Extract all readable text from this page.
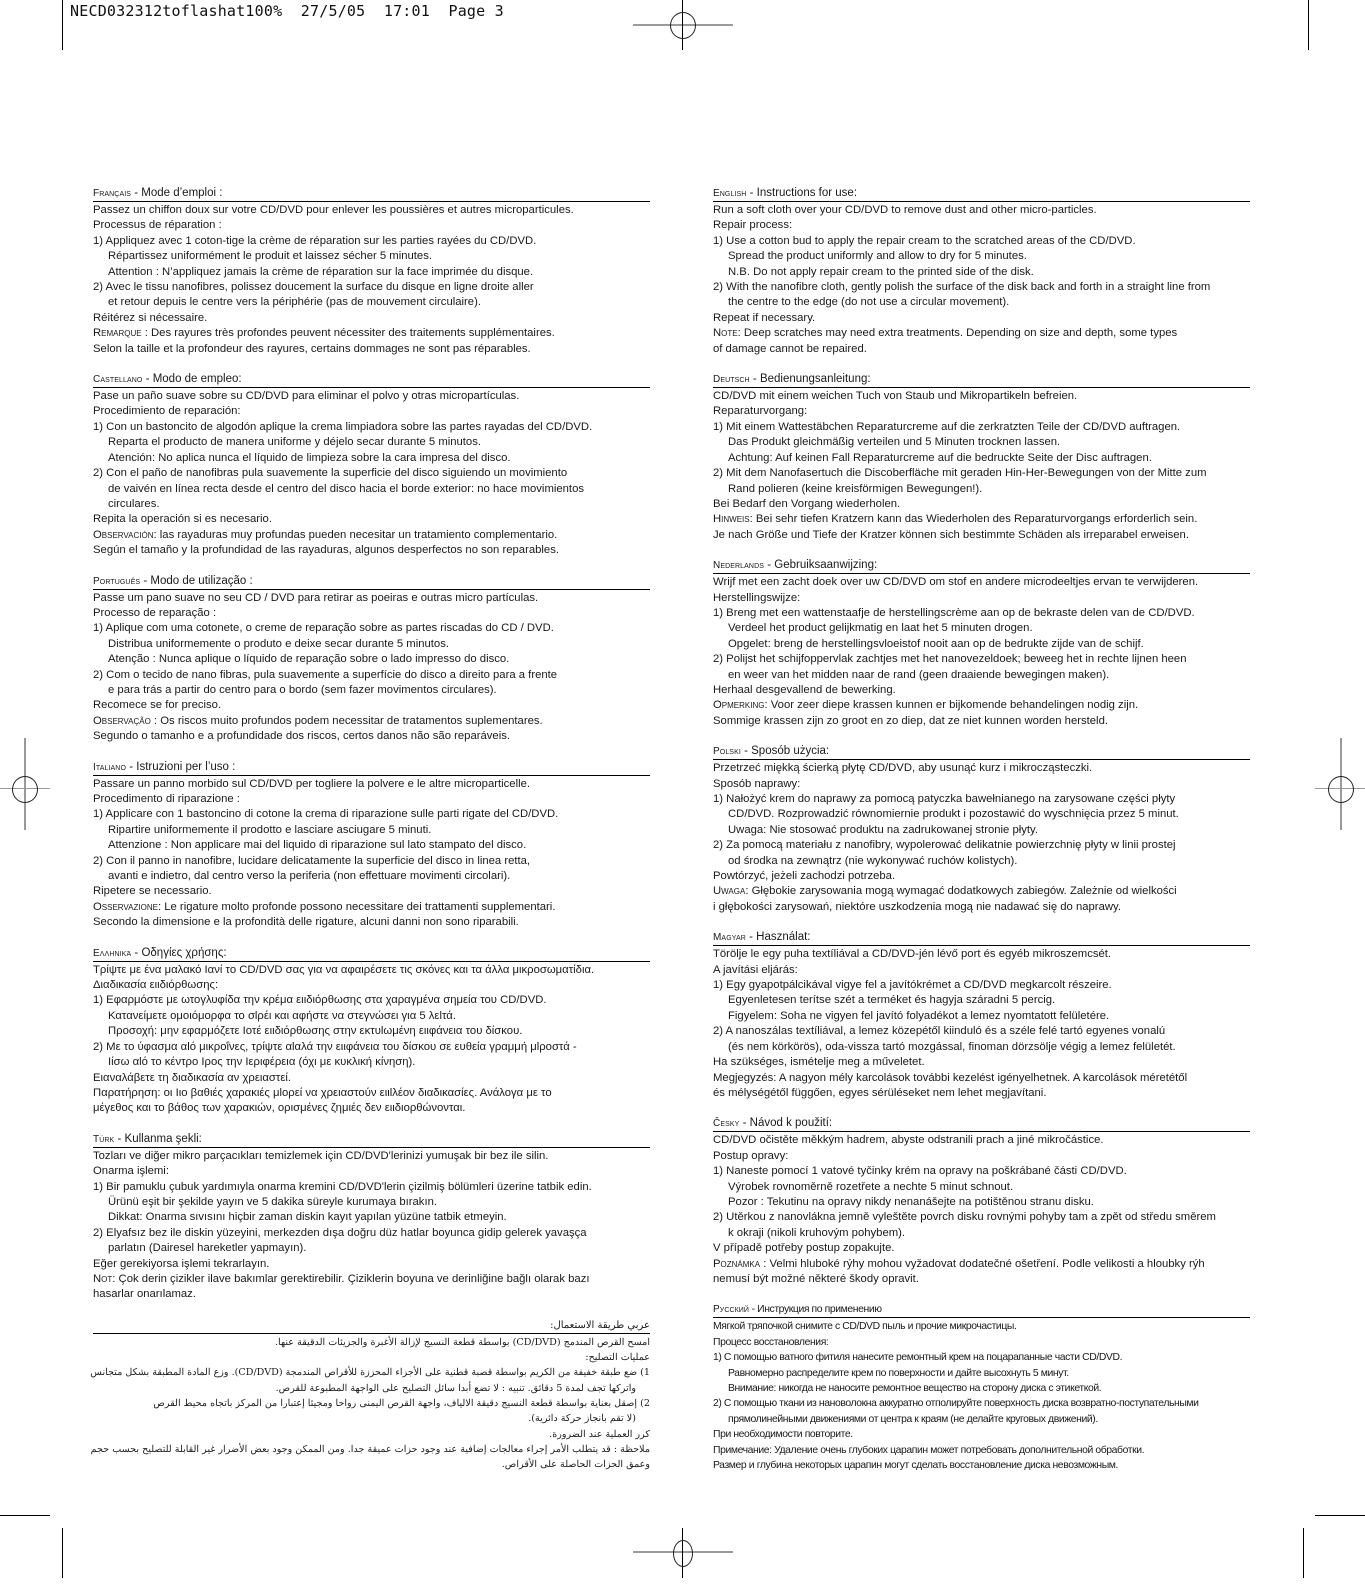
NECD032312toflashat100%  27/5/05  17:01  Page 3
Français - Mode d’emploi :
Passez un chiffon doux sur votre CD/DVD pour enlever les poussières et autres microparticules.
Processus de réparation :
1) Appliquez avec 1 coton-tige la crème de réparation sur les parties rayées du CD/DVD.
Répartissez uniformément le produit et laissez sécher 5 minutes.
Attention : N’appliquez jamais la crème de réparation sur la face imprimée du disque.
2) Avec le tissu nanofibres, polissez doucement la surface du disque en ligne droite aller
et retour depuis le centre vers la périphérie (pas de mouvement circulaire).
Réitérez si nécessaire.
Remarque : Des rayures très profondes peuvent nécessiter des traitements supplémentaires.
Selon la taille et la profondeur des rayures, certains dommages ne sont pas réparables.
Castellano - Modo de empleo:
Pase un paño suave sobre su CD/DVD para eliminar el polvo y otras micropartículas.
Procedimiento de reparación:
1) Con un bastoncito de algodón aplique la crema limpiadora sobre las partes rayadas del CD/DVD.
Reparta el producto de manera uniforme y déjelo secar durante 5 minutos.
Atención: No aplica nunca el líquido de limpieza sobre la cara impresa del disco.
2) Con el paño de nanofibras pula suavemente la superficie del disco siguiendo un movimiento
de vaivén en línea recta desde el centro del disco hacia el borde exterior: no hace movimientos
circulares.
Repita la operación si es necesario.
Observación: las rayaduras muy profundas pueden necesitar un tratamiento complementario.
Según el tamaño y la profundidad de las rayaduras, algunos desperfectos no son reparables.
Português - Modo de utilização :
Passe um pano suave no seu CD / DVD para retirar as poeiras e outras micro partículas.
Processo de reparação :
1) Aplique com uma cotonete, o creme de reparação sobre as partes riscadas do CD / DVD.
Distribua uniformemente o produto e deixe secar durante 5 minutos.
Atenção : Nunca aplique o líquido de reparação sobre o lado impresso do disco.
2) Com o tecido de nano fibras, pula suavemente a superfície do disco a direito para a frente
e para trás a partir do centro para o bordo (sem fazer movimentos circulares).
Recomece se for preciso.
Observação : Os riscos muito profundos podem necessitar de tratamentos suplementares.
Segundo o tamanho e a profundidade dos riscos, certos danos não são reparáveis.
Italiano - Istruzioni per l’uso :
Passare un panno morbido sul CD/DVD per togliere la polvere e le altre microparticelle.
Procedimento di riparazione :
1) Applicare con 1 bastoncino di cotone la crema di riparazione sulle parti rigate del CD/DVD.
Ripartire uniformemente il prodotto e lasciare asciugare 5 minuti.
Attenzione : Non applicare mai del liquido di riparazione sul lato stampato del disco.
2) Con il panno in nanofibre, lucidare delicatamente la superficie del disco in linea retta,
avanti e indietro, dal centro verso la periferia (non effettuare movimenti circolari).
Ripetere se necessario.
Osservazione: Le rigature molto profonde possono necessitare dei trattamenti supplementari.
Secondo la dimensione e la profondità delle rigature, alcuni danni non sono riparabili.
Ελληνικά - Οδηγίες χρήσης:
Τρίψτε με ένα μαλακό Ιανί το CD/DVD σας για να αφαιρέσετε τις σκόνες και τα άλλα μικροσωματίδια.
Διαδικασία ειιδιόρθωσης:
1) Εφαρμόστε με ωτογλυφίδα την κρέμα ειιδιόρθωσης στα χαραγμένα σημεία του CD/DVD.
Κατανείμετε ομοιόμορφα το σlρέι και αφήστε να στεγνώσει για 5 λεlτά.
Προσοχή: μην εφαρμόζετε Ιοτέ ειιδιόρθωσης στην εκτυlωμένη ειιφάνεια του δίσκου.
2) Με το ύφασμα αlό μικροΐνες, τρίψτε αlαλά την ειιφάνεια του δίσκου σε ευθεία γραμμή μlροστά -
Ιίσω αlό το κέντρο Ιρος την Ιεριφέρεια (όχι με κυκλική κίνηση).
Ειαναλάβετε τη διαδικασία αν χρειαστεί.
Παρατήρηση: οι Ιιο βαθιές χαρακιές μlορεί να χρειαστούν ειιlλέον διαδικασίες. Ανάλογα με το
μέγεθος και το βάθος των χαρακιών, ορισμένες ζημιές δεν ειιδιορθώνονται.
Türk - Kullanma şekli:
Tozları ve diğer mikro parçacıkları temizlemek için CD/DVD'lerinizi yumuşak bir bez ile silin.
Onarma işlemi:
1) Bir pamuklu çubuk yardımıyla onarma kremini CD/DVD'lerin çizilmiş bölümleri üzerine tatbik edin.
Ürünü eşit bir şekilde yayın ve 5 dakika süreyle kurumaya bırakın.
Dikkat: Onarma sıvısını hiçbir zaman diskin kayıt yapılan yüzüne tatbik etmeyin.
2) Elyafsız bez ile diskin yüzeyini, merkezden dışa doğru düz hatlar boyunca gidip gelerek yavaşça
parlatın (Dairesel hareketler yapmayın).
Eğer gerekiyorsa işlemi tekrarlayın.
Not: Çok derin çizikler ilave bakımlar gerektirebilir. Çiziklerin boyuna ve derinliğine bağlı olarak bazı
hasarlar onarılamaz.
عربي طريقة الاستعمال:
امسح القرص المندمج (CD/DVD) بواسطة قطعة النسيج لإزالة الأغبرة والجزيئات الدقيقة عنها.
عمليات التصليح:
1) ضع طبقة خفيفة من الكريم بواسطة قصبة قطنية على الأجزاء المحززة للأقراص المندمجة (CD/DVD). وزع المادة المطبقة بشكل متجانس
واتركها تجف لمدة 5 دقائق. تنبيه : لا تضع أبدا سائل التصليح على الواجهة المطبوعة للقرص.
2) إصقل بعناية بواسطة قطعة النسيج دقيقة الالياف، واجهة القرص اليمنى رواحا ومجيئا إعتبارا من المركز باتجاه محيط القرص
(لا تقم بانجاز حركة دائرية).
كرر العملية عند الضرورة.
ملاحظة : قد يتطلب الأمر إجراء معالجات إضافية عند وجود حزات عميقة جدا. ومن الممكن وجود بعض الأضرار غير القابلة للتصليح بحسب حجم
وعمق الحزات الحاصلة على الأقراص.
English - Instructions for use:
Run a soft cloth over your CD/DVD to remove dust and other micro-particles.
Repair process:
1) Use a cotton bud to apply the repair cream to the scratched areas of the CD/DVD.
Spread the product uniformly and allow to dry for 5 minutes.
N.B. Do not apply repair cream to the printed side of the disk.
2) With the nanofibre cloth, gently polish the surface of the disk back and forth in a straight line from
the centre to the edge (do not use a circular movement).
Repeat if necessary.
Note: Deep scratches may need extra treatments. Depending on size and depth, some types
of damage cannot be repaired.
Deutsch - Bedienungsanleitung:
CD/DVD mit einem weichen Tuch von Staub und Mikropartikeln befreien.
Reparaturvorgang:
1) Mit einem Wattestäbchen Reparaturcreme auf die zerkratzten Teile der CD/DVD auftragen.
Das Produkt gleichmäßig verteilen und 5 Minuten trocknen lassen.
Achtung: Auf keinen Fall Reparaturcreme auf die bedruckte Seite der Disc auftragen.
2) Mit dem Nanofasertuch die Discoberfläche mit geraden Hin-Her-Bewegungen von der Mitte zum
Rand polieren (keine kreisförmigen Bewegungen!).
Bei Bedarf den Vorgang wiederholen.
Hinweis: Bei sehr tiefen Kratzern kann das Wiederholen des Reparaturvorgangs erforderlich sein.
Je nach Größe und Tiefe der Kratzer können sich bestimmte Schäden als irreparabel erweisen.
Nederlands - Gebruiksaanwijzing:
Wrijf met een zacht doek over uw CD/DVD om stof en andere microdeeltjes ervan te verwijderen.
Herstellingswijze:
1) Breng met een wattenstaafje de herstellingscrème aan op de bekraste delen van de CD/DVD.
Verdeel het product gelijkmatig en laat het 5 minuten drogen.
Opgelet: breng de herstellingsvloeistof nooit aan op de bedrukte zijde van de schijf.
2) Polijst het schijfoppervlak zachtjes met het nanovezeldoek; beweeg het in rechte lijnen heen
en weer van het midden naar de rand (geen draaiende bewegingen maken).
Herhaal desgevallend de bewerking.
Opmerking: Voor zeer diepe krassen kunnen er bijkomende behandelingen nodig zijn.
Sommige krassen zijn zo groot en zo diep, dat ze niet kunnen worden hersteld.
Polski - Sposób użycia:
Przetrzeć miękką ścierką płytę CD/DVD, aby usunąć kurz i mikrocząsteczki.
Sposób naprawy:
1) Nałożyć krem do naprawy za pomocą patyczka bawełnianego na zarysowane części płyty
CD/DVD. Rozprowadzić równomiernie produkt i pozostawić do wyschnięcia przez 5 minut.
Uwaga: Nie stosować produktu na zadrukowanej stronie płyty.
2) Za pomocą materiału z nanofibry, wypolerować delikatnie powierzchnię płyty w linii prostej
od środka na zewnątrz (nie wykonywać ruchów kolistych).
Powtórzyć, jeżeli zachodzi potrzeba.
Uwaga: Głębokie zarysowania mogą wymagać dodatkowych zabiegów. Zależnie od wielkości
i głębokości zarysowań, niektóre uszkodzenia mogą nie nadawać się do naprawy.
Magyar - Használat:
Törölje le egy puha textíliával a CD/DVD-jén lévő port és egyéb mikroszemcsét.
A javítási eljárás:
1) Egy gyapotpálcikával vigye fel a javítókrémet a CD/DVD megkarcolt részeire.
Egyenletesen terítse szét a terméket és hagyja száradni 5 percig.
Figyelem: Soha ne vigyen fel javító folyadékot a lemez nyomtatott felületére.
2) A nanoszálas textíliával, a lemez közepétől kiinduló és a széle felé tartó egyenes vonalú
(és nem körkörös), oda-vissza tartó mozgással, finoman dörzsölje végig a lemez felületét.
Ha szükséges, ismételje meg a műveletet.
Megjegyzés: A nagyon mély karcolások további kezelést igényelhetnek. A karcolások méretétől
és mélységétől függően, egyes sérüléseket nem lehet megjavítani.
Česky - Návod k použití:
CD/DVD očistěte měkkým hadrem, abyste odstranili prach a jiné mikročástice.
Postup opravy:
1) Naneste pomocí 1 vatové tyčinky krém na opravy na poškrábané části CD/DVD.
Výrobek rovnoměrně rozetřete a nechte 5 minut schnout.
Pozor : Tekutinu na opravy nikdy nenanášejte na potištěnou stranu disku.
2) Utěrkou z nanovlákna jemně vyleštěte povrch disku rovnými pohyby tam a zpět od středu směrem
k okraji (nikoli kruhovým pohybem).
V případě potřeby postup zopakujte.
Poznámka : Velmi hluboké rýhy mohou vyžadovat dodatečné ošetření. Podle velikosti a hloubky rýh
nemusí být možné některé škody opravit.
Русский - Инструкция по применению
Мягкой тряпочкой снимите с CD/DVD пыль и прочие микрочастицы.
Процесс восстановления:
1) С помощью ватного фитиля нанесите ремонтный крем на поцарапанные части CD/DVD.
Равномерно распределите крем по поверхности и дайте высохнуть 5 минут.
Внимание: никогда не наносите ремонтное вещество на сторону диска с этикеткой.
2) С помощью ткани из нановолокна аккуратно отполируйте поверхность диска возвратно-поступательными
прямолинейными движениями от центра к краям (не делайте круговых движений).
При необходимости повторите.
Примечание: Удаление очень глубоких царапин может потребовать дополнительной обработки.
Размер и глубина некоторых царапин могут сделать восстановление диска невозможным.
